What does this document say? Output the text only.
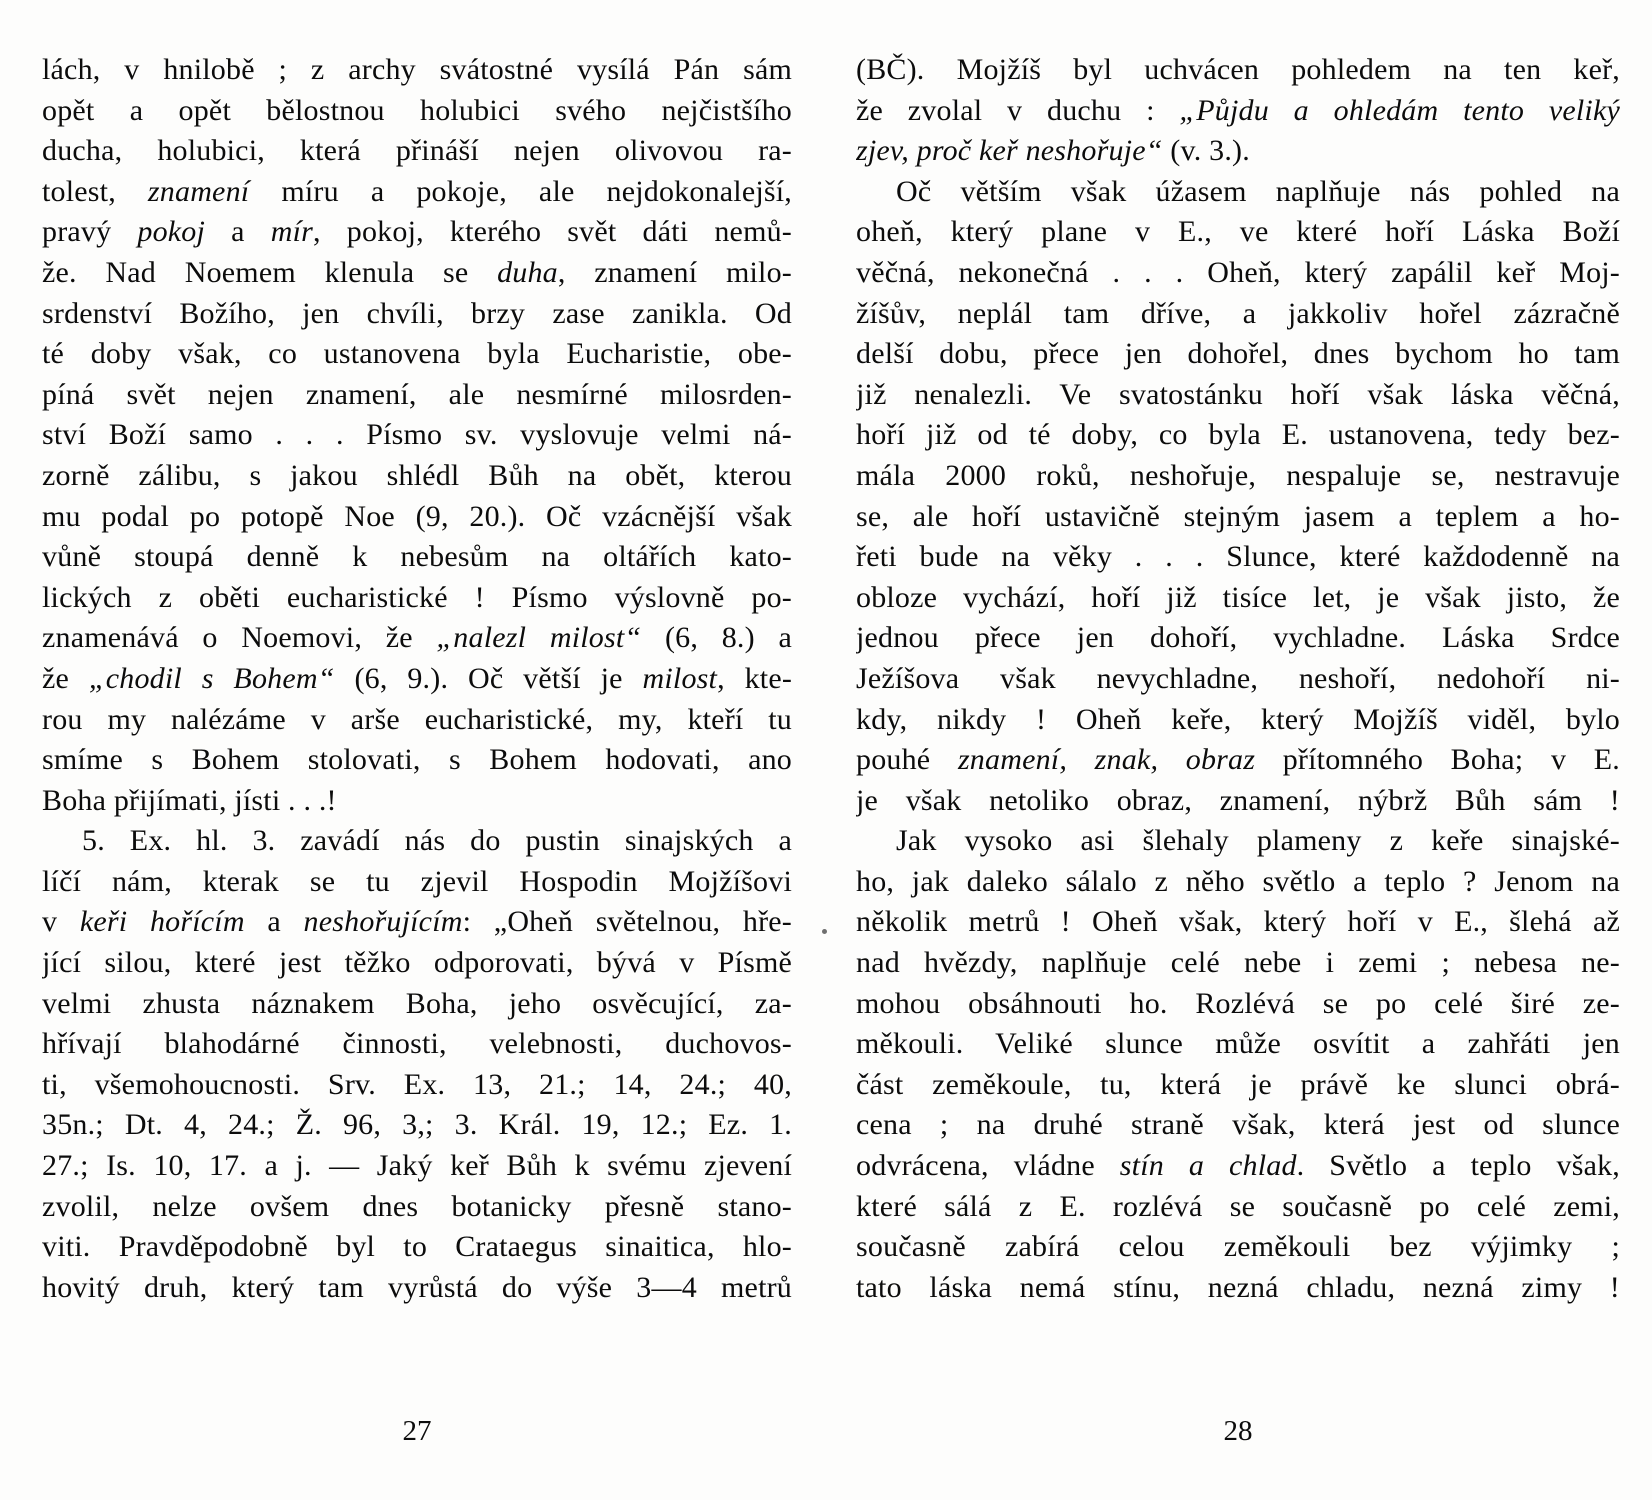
lách, v hnilobě ; z archy svátostné vysílá Pán sám
opět a opět bělostnou holubici svého nejčistšího
ducha, holubici, která přináší nejen olivovou ra-
tolest, znamení míru a pokoje, ale nejdokonalejší,
pravý pokoj a mír, pokoj, kterého svět dáti nemů-
že. Nad Noemem klenula se duha, znamení milo-
srdenství Božího, jen chvíli, brzy zase zanikla. Od
té doby však, co ustanovena byla Eucharistie, obe-
píná svět nejen znamení, ale nesmírné milosrden-
ství Boží samo . . . Písmo sv. vyslovuje velmi ná-
zorně zálibu, s jakou shlédl Bůh na obět, kterou
mu podal po potopě Noe (9, 20.). Oč vzácnější však
vůně stoupá denně k nebesům na oltářích kato-
lických z oběti eucharistické ! Písmo výslovně po-
znamenává o Noemovi, že „nalezl milost“ (6, 8.) a
že „chodil s Bohem“ (6, 9.). Oč větší je milost, kte-
rou my nalézáme v arše eucharistické, my, kteří tu
smíme s Bohem stolovati, s Bohem hodovati, ano
Boha přijímati, jísti . . .!
5. Ex. hl. 3. zavádí nás do pustin sinajských a
líčí nám, kterak se tu zjevil Hospodin Mojžíšovi
v keři hořícím a neshořujícím: „Oheň světelnou, hře-
jící silou, které jest těžko odporovati, bývá v Písmě
velmi zhusta náznakem Boha, jeho osvěcující, za-
hřívají blahodárné činnosti, velebnosti, duchovos-
ti, všemohoucnosti. Srv. Ex. 13, 21.; 14, 24.; 40,
35n.; Dt. 4, 24.; Ž. 96, 3,; 3. Král. 19, 12.; Ez. 1.
27.; Is. 10, 17. a j. — Jaký keř Bůh k svému zjevení
zvolil, nelze ovšem dnes botanicky přesně stano-
viti. Pravděpodobně byl to Crataegus sinaitica, hlo-
hovitý druh, který tam vyrůstá do výše 3—4 metrů
(BČ). Mojžíš byl uchvácen pohledem na ten keř,
že zvolal v duchu : „Půjdu a ohledám tento veliký
zjev, proč keř neshořuje“ (v. 3.).
Oč větším však úžasem naplňuje nás pohled na
oheň, který plane v E., ve které hoří Láska Boží
věčná, nekonečná . . . Oheň, který zapálil keř Moj-
žíšův, neplál tam dříve, a jakkoliv hořel zázračně
delší dobu, přece jen dohořel, dnes bychom ho tam
již nenalezli. Ve svatostánku hoří však láska věčná,
hoří již od té doby, co byla E. ustanovena, tedy bez-
mála 2000 roků, neshořuje, nespaluje se, nestravuje
se, ale hoří ustavičně stejným jasem a teplem a ho-
řeti bude na věky . . . Slunce, které každodenně na
obloze vychází, hoří již tisíce let, je však jisto, že
jednou přece jen dohoří, vychladne. Láska Srdce
Ježíšova však nevychladne, neshoří, nedohoří ni-
kdy, nikdy ! Oheň keře, který Mojžíš viděl, bylo
pouhé znamení, znak, obraz přítomného Boha; v E.
je však netoliko obraz, znamení, nýbrž Bůh sám !
Jak vysoko asi šlehaly plameny z keře sinajské-
ho, jak daleko sálalo z něho světlo a teplo ? Jenom na
několik metrů ! Oheň však, který hoří v E., šlehá až
nad hvězdy, naplňuje celé nebe i zemi ; nebesa ne-
mohou obsáhnouti ho. Rozlévá se po celé širé ze-
měkouli. Veliké slunce může osvítit a zahřáti jen
část zeměkoule, tu, která je právě ke slunci obrá-
cena ; na druhé straně však, která jest od slunce
odvrácena, vládne stín a chlad. Světlo a teplo však,
které sálá z E. rozlévá se současně po celé zemi,
současně zabírá celou zeměkouli bez výjimky ;
tato láska nemá stínu, nezná chladu, nezná zimy !
27	28
